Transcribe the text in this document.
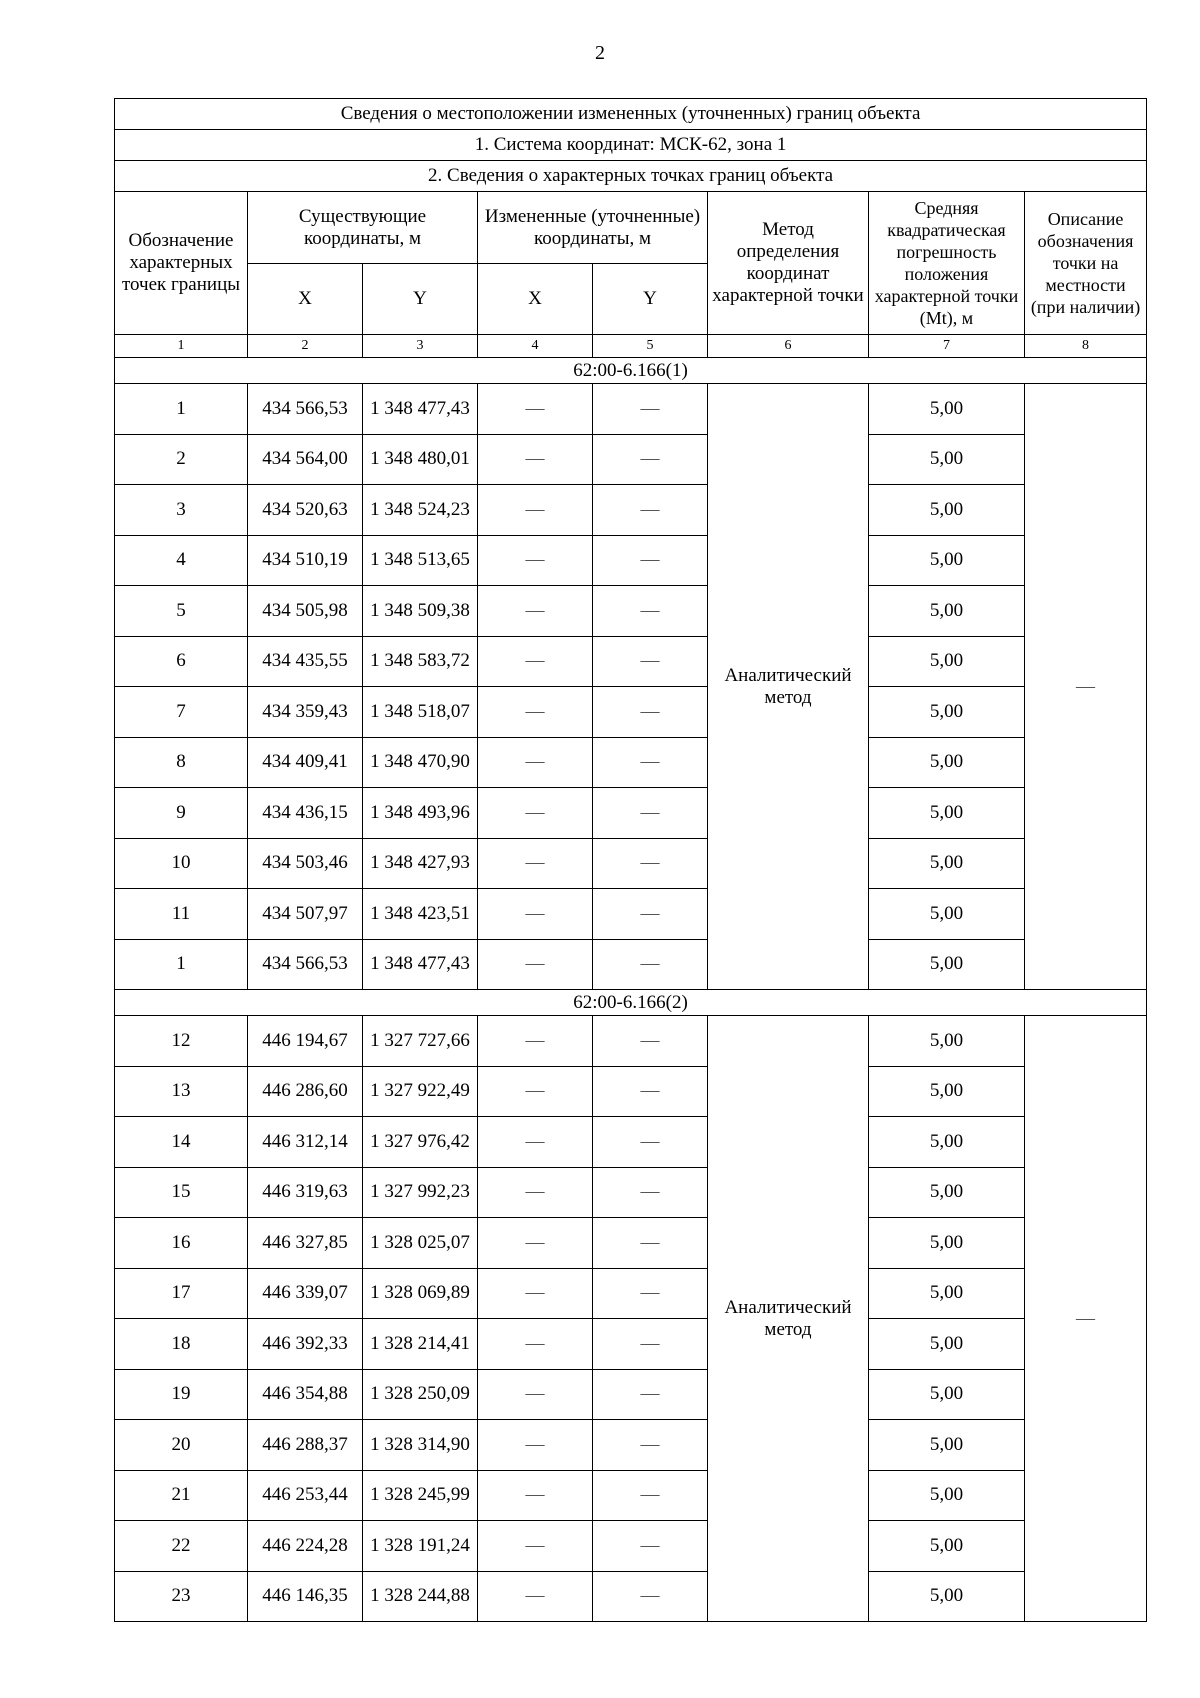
2
Сведения о местоположении измененных (уточненных) границ объекта							
1. Система координат: МСК-62, зона 1							
2. Сведения о характерных точках границ объекта							
Обозначение характерных точек границы	Существующие координаты, м		Измененные (уточненные) координаты, м		Метод определения координат характерной точки	Средняя квадратическая погрешность положения характерной точки (Mt), м	Описание обозначения точки на местности (при наличии)
	X	Y	X	Y			
1	2	3	4	5	6	7	8
62:00-6.166(1)							
1	434 566,53	1 348 477,43	—	—	Аналитический метод	5,00	—
2	434 564,00	1 348 480,01	—	—		5,00	
3	434 520,63	1 348 524,23	—	—		5,00	
4	434 510,19	1 348 513,65	—	—		5,00	
5	434 505,98	1 348 509,38	—	—		5,00	
6	434 435,55	1 348 583,72	—	—		5,00	
7	434 359,43	1 348 518,07	—	—		5,00	
8	434 409,41	1 348 470,90	—	—		5,00	
9	434 436,15	1 348 493,96	—	—		5,00	
10	434 503,46	1 348 427,93	—	—		5,00	
11	434 507,97	1 348 423,51	—	—		5,00	
1	434 566,53	1 348 477,43	—	—		5,00	
62:00-6.166(2)							
12	446 194,67	1 327 727,66	—	—	Аналитический метод	5,00	—
13	446 286,60	1 327 922,49	—	—		5,00	
14	446 312,14	1 327 976,42	—	—		5,00	
15	446 319,63	1 327 992,23	—	—		5,00	
16	446 327,85	1 328 025,07	—	—		5,00	
17	446 339,07	1 328 069,89	—	—		5,00	
18	446 392,33	1 328 214,41	—	—		5,00	
19	446 354,88	1 328 250,09	—	—		5,00	
20	446 288,37	1 328 314,90	—	—		5,00	
21	446 253,44	1 328 245,99	—	—		5,00	
22	446 224,28	1 328 191,24	—	—		5,00	
23	446 146,35	1 328 244,88	—	—		5,00	
